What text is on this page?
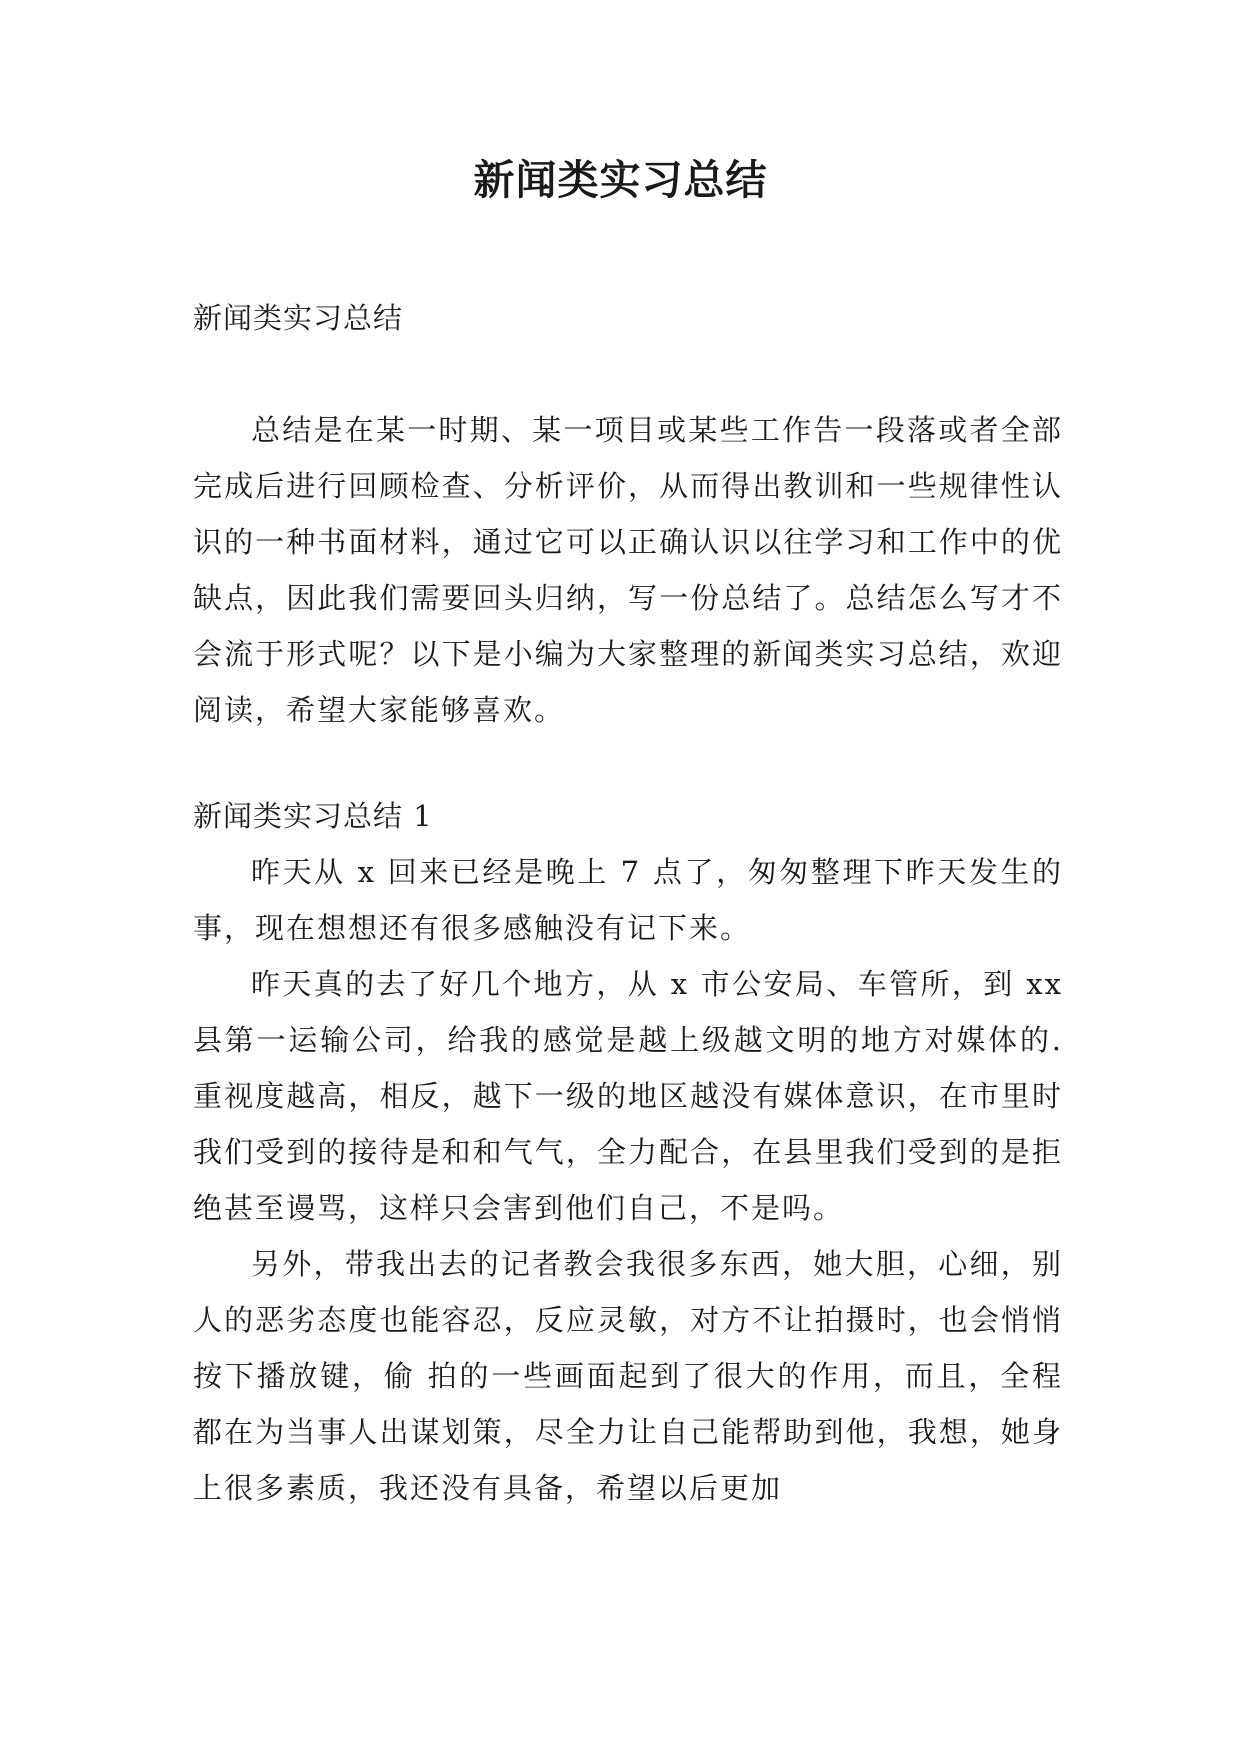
新闻类实习总结

新闻类实习总结

总结是在某一时期、某一项目或某些工作告一段落或者全部完成后进行回顾检查、分析评价，从而得出教训和一些规律性认识的一种书面材料，通过它可以正确认识以往学习和工作中的优缺点，因此我们需要回头归纳，写一份总结了。总结怎么写才不会流于形式呢？以下是小编为大家整理的新闻类实习总结，欢迎阅读，希望大家能够喜欢。

新闻类实习总结 1

昨天从 x 回来已经是晚上 7 点了，匆匆整理下昨天发生的事，现在想想还有很多感触没有记下来。

昨天真的去了好几个地方，从 x 市公安局、车管所，到 xx 县第一运输公司，给我的感觉是越上级越文明的地方对媒体的.重视度越高，相反，越下一级的地区越没有媒体意识，在市里时我们受到的接待是和和气气，全力配合，在县里我们受到的是拒绝甚至谩骂，这样只会害到他们自己，不是吗。

另外，带我出去的记者教会我很多东西，她大胆，心细，别人的恶劣态度也能容忍，反应灵敏，对方不让拍摄时，也会悄悄按下播放键，偷 拍的一些画面起到了很大的作用，而且，全程都在为当事人出谋划策，尽全力让自己能帮助到他，我想，她身上很多素质，我还没有具备，希望以后更加
